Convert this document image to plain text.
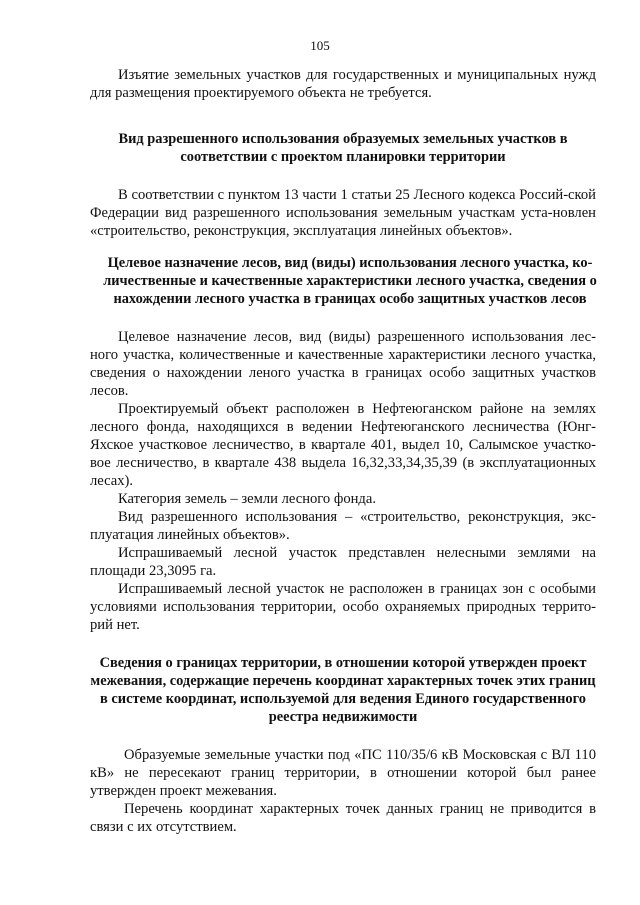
105

Изъятие земельных участков для государственных и муниципальных нужд для размещения проектируемого объекта не требуется.

Вид разрешенного использования образуемых земельных участков в соответствии с проектом планировки территории

В соответствии с пунктом 13 части 1 статьи 25 Лесного кодекса Россий-ской Федерации вид разрешенного использования земельным участкам уста-новлен «строительство, реконструкция, эксплуатация линейных объектов».

Целевое назначение лесов, вид (виды) использования лесного участка, ко-личественные и качественные характеристики лесного участка, сведения о нахождении лесного участка в границах особо защитных участков лесов

Целевое назначение лесов, вид (виды) разрешенного использования лес-ного участка, количественные и качественные характеристики лесного участка, сведения о нахождении леного участка в границах особо защитных участков лесов.

Проектируемый объект расположен в Нефтеюганском районе на землях лесного фонда, находящихся в ведении Нефтеюганского лесничества (Юнг-Яхское участковое лесничество, в квартале 401, выдел 10, Салымское участко-вое лесничество, в квартале 438 выдела 16,32,33,34,35,39 (в эксплуатационных лесах).

Категория земель – земли лесного фонда.

Вид разрешенного использования – «строительство, реконструкция, экс-плуатация линейных объектов».

Испрашиваемый лесной участок представлен нелесными землями на площади 23,3095 га.

Испрашиваемый лесной участок не расположен в границах зон с особыми условиями использования территории, особо охраняемых природных террито-рий нет.

Сведения о границах территории, в отношении которой утвержден проект межевания, содержащие перечень координат характерных точек этих границ в системе координат, используемой для ведения Единого государственного реестра недвижимости

Образуемые земельные участки под «ПС 110/35/6 кВ Московская с ВЛ 110 кВ» не пересекают границ территории, в отношении которой был ранее утвержден проект межевания.

Перечень координат характерных точек данных границ не приводится в связи с их отсутствием.
